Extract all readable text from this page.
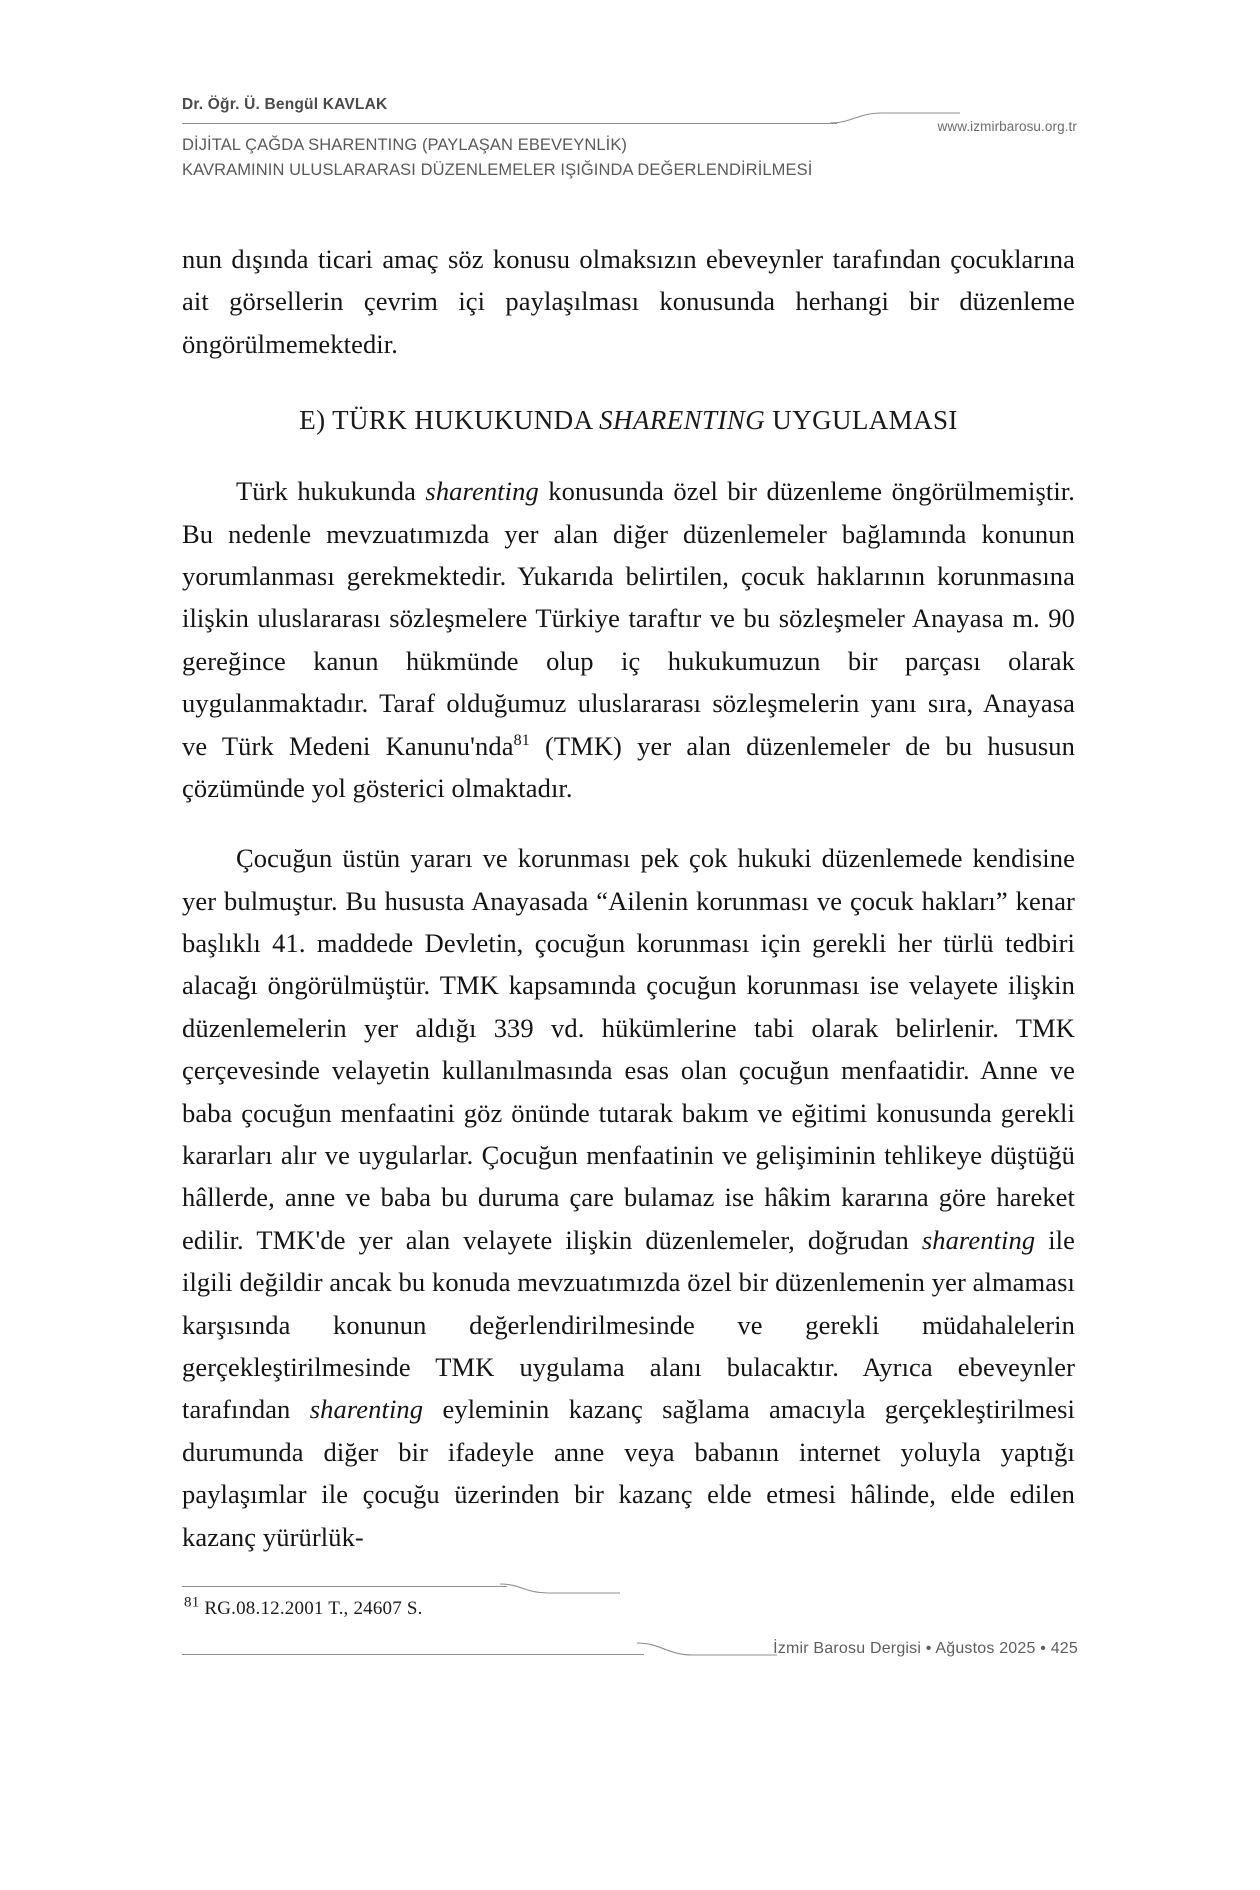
Dr. Öğr. Ü. Bengül KAVLAK
www.izmirbarosu.org.tr
DİJİTAL ÇAĞDA SHARENTING (PAYLAŞAN EBEVEYNLİK)
KAVRAMININ ULUSLARARASI DÜZENLEMELER IŞIĞINDA DEĞERLENDİRİLMESİ

nun dışında ticari amaç söz konusu olmaksızın ebeveynler tarafından çocuklarına ait görsellerin çevrim içi paylaşılması konusunda herhangi bir düzenleme öngörülmemektedir.

E) TÜRK HUKUKUNDA SHARENTING UYGULAMASI

Türk hukukunda sharenting konusunda özel bir düzenleme öngörülmemiştir. Bu nedenle mevzuatımızda yer alan diğer düzenlemeler bağlamında konunun yorumlanması gerekmektedir. Yukarıda belirtilen, çocuk haklarının korunmasına ilişkin uluslararası sözleşmelere Türkiye taraftır ve bu sözleşmeler Anayasa m. 90 gereğince kanun hükmünde olup iç hukukumuzun bir parçası olarak uygulanmaktadır. Taraf olduğumuz uluslararası sözleşmelerin yanı sıra, Anayasa ve Türk Medeni Kanunu'nda$^{81}$ (TMK) yer alan düzenlemeler de bu hususun çözümünde yol gösterici olmaktadır.

Çocuğun üstün yararı ve korunması pek çok hukuki düzenlemede kendisine yer bulmuştur. Bu hususta Anayasada “Ailenin korunması ve çocuk hakları” kenar başlıklı 41. maddede Devletin, çocuğun korunması için gerekli her türlü tedbiri alacağı öngörülmüştür. TMK kapsamında çocuğun korunması ise velayete ilişkin düzenlemelerin yer aldığı 339 vd. hükümlerine tabi olarak belirlenir. TMK çerçevesinde velayetin kullanılmasında esas olan çocuğun menfaatidir. Anne ve baba çocuğun menfaatini göz önünde tutarak bakım ve eğitimi konusunda gerekli kararları alır ve uygularlar. Çocuğun menfaatinin ve gelişiminin tehlikeye düştüğü hâllerde, anne ve baba bu duruma çare bulamaz ise hâkim kararına göre hareket edilir. TMK'de yer alan velayete ilişkin düzenlemeler, doğrudan sharenting ile ilgili değildir ancak bu konuda mevzuatımızda özel bir düzenlemenin yer almaması karşısında konunun değerlendirilmesinde ve gerekli müdahalelerin gerçekleştirilmesinde TMK uygulama alanı bulacaktır. Ayrıca ebeveynler tarafından sharenting eyleminin kazanç sağlama amacıyla gerçekleştirilmesi durumunda diğer bir ifadeyle anne veya babanın internet yoluyla yaptığı paylaşımlar ile çocuğu üzerinden bir kazanç elde etmesi hâlinde, elde edilen kazanç yürürlük-

$^{81}$ RG.08.12.2001 T., 24607 S.
İzmir Barosu Dergisi • Ağustos 2025 • 425
